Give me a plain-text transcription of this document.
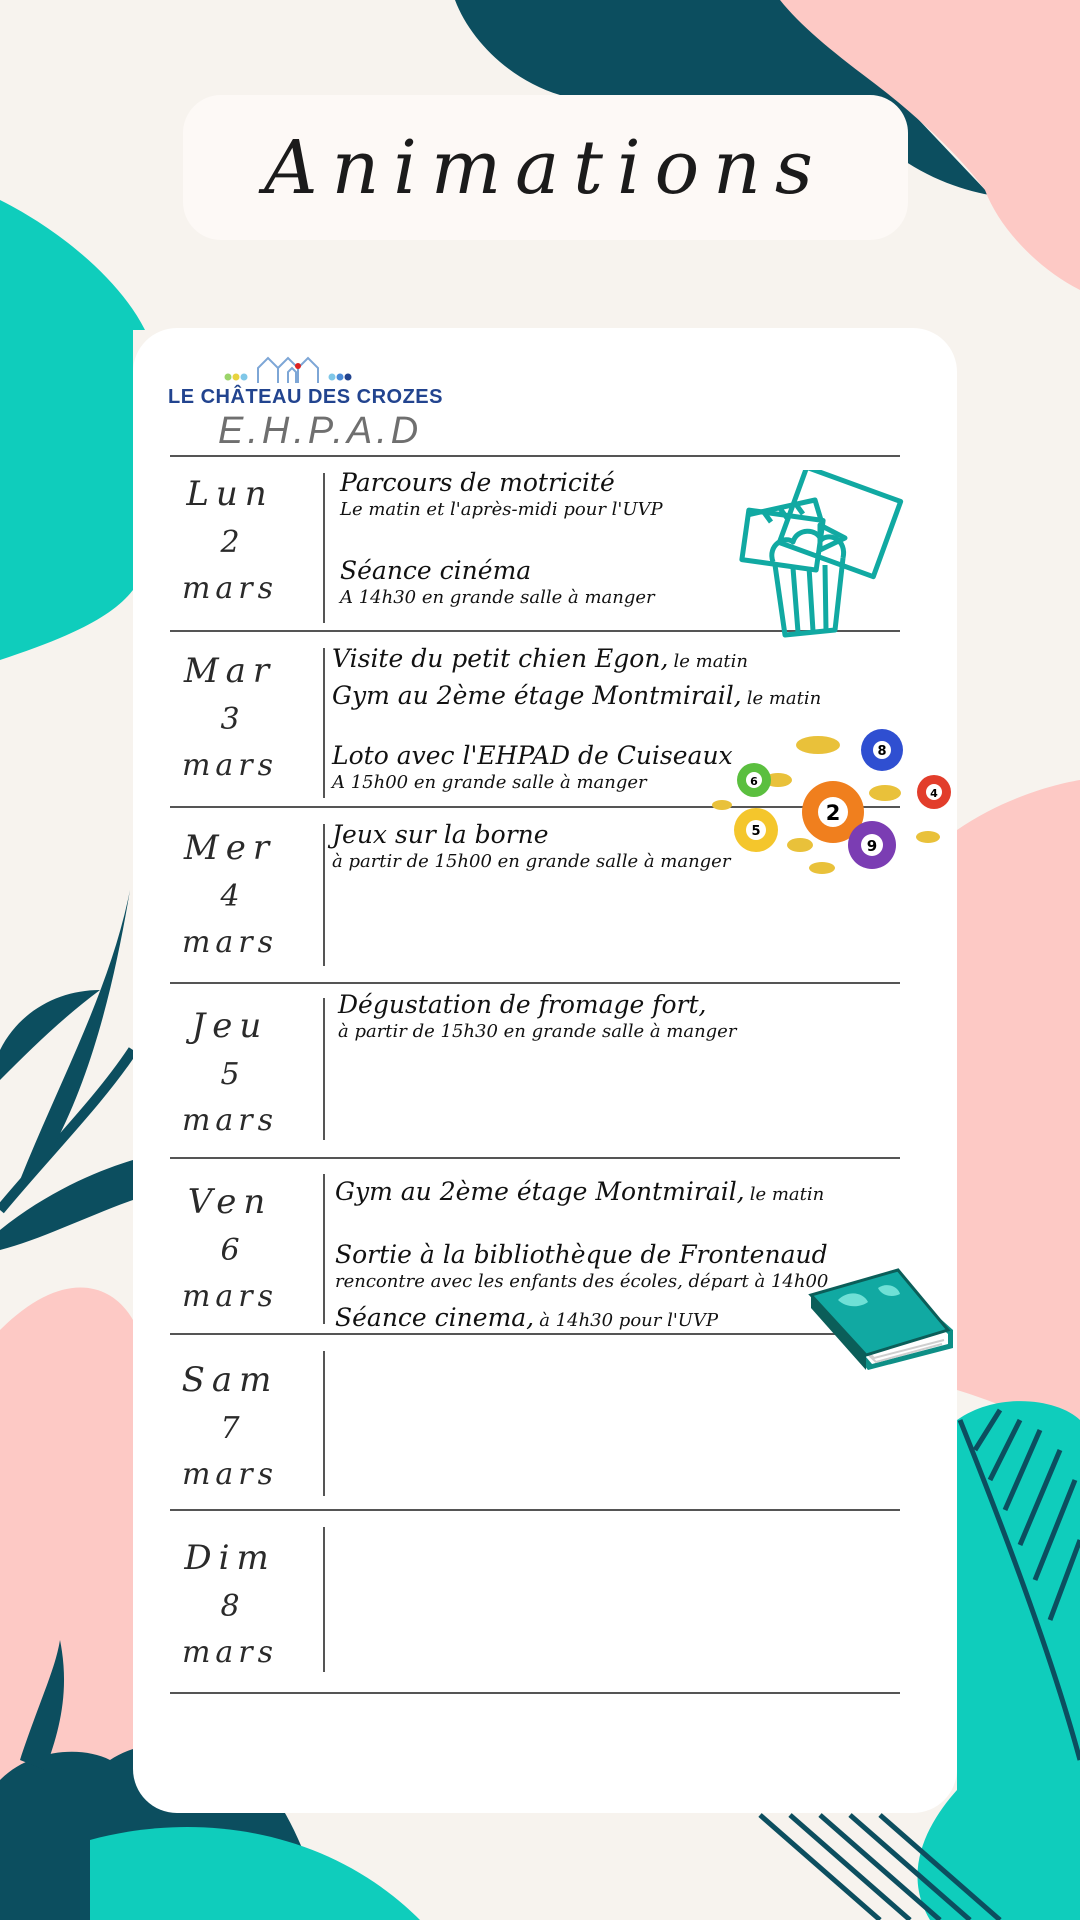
Animations
LE CHÂTEAU DES CROZES
E.H.P.A.D
Lun
2
mars
Mar
3
mars
Mer
4
mars
Jeu
5
mars
Ven
6
mars
Sam
7
mars
Dim
8
mars
Parcours de motricité
Le matin et l'après-midi pour l'UVP
Séance cinéma
A 14h30 en grande salle à manger
Visite du petit chien Egon, le matin
Gym au 2ème étage Montmirail, le matin
Loto avec l'EHPAD de Cuiseaux
A 15h00 en grande salle à manger
Jeux sur la borne
à partir de 15h00 en grande salle à manger
Dégustation de fromage fort,
à partir de 15h30 en grande salle à manger
Gym au 2ème étage Montmirail, le matin
Sortie à la bibliothèque de Frontenaud
rencontre avec les enfants des écoles, départ à 14h00
Séance cinema, à 14h30 pour l'UVP
8
6
4
2
5
9
